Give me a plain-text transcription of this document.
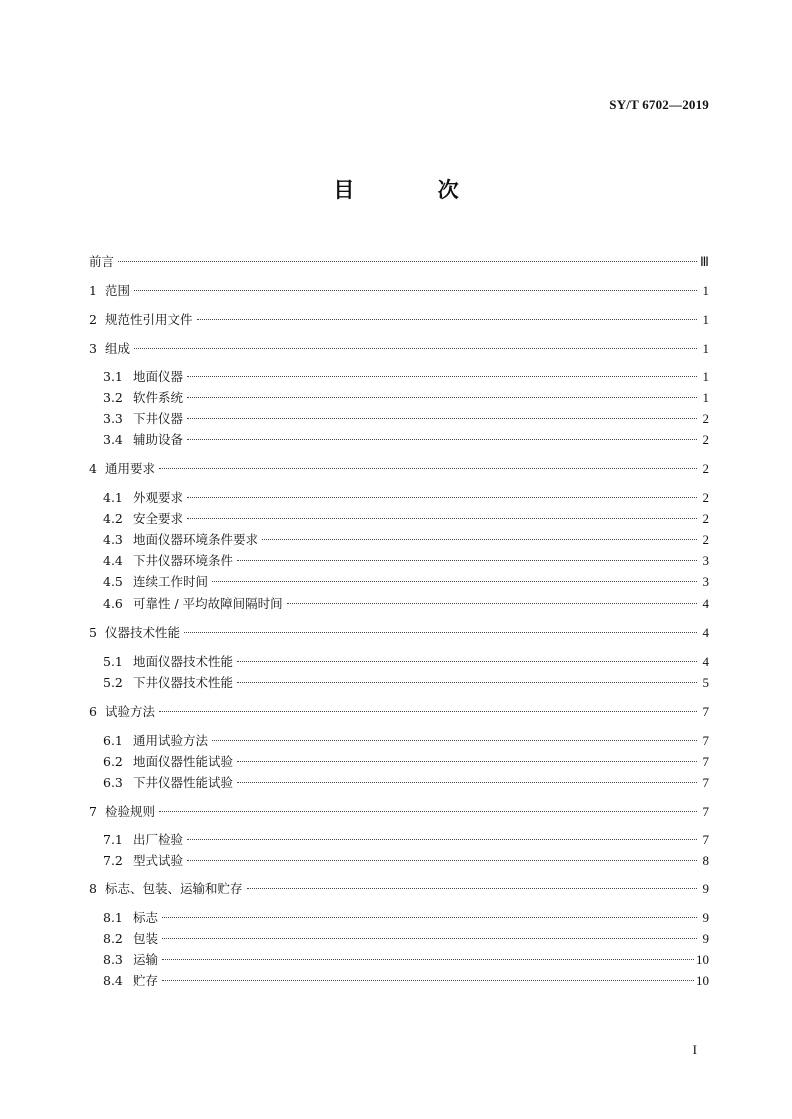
SY/T 6702—2019
目 次
前言	Ⅲ
1 范围	1
2 规范性引用文件	1
3 组成	1
3.1 地面仪器	1
3.2 软件系统	1
3.3 下井仪器	2
3.4 辅助设备	2
4 通用要求	2
4.1 外观要求	2
4.2 安全要求	2
4.3 地面仪器环境条件要求	2
4.4 下井仪器环境条件	3
4.5 连续工作时间	3
4.6 可靠性 / 平均故障间隔时间	4
5 仪器技术性能	4
5.1 地面仪器技术性能	4
5.2 下井仪器技术性能	5
6 试验方法	7
6.1 通用试验方法	7
6.2 地面仪器性能试验	7
6.3 下井仪器性能试验	7
7 检验规则	7
7.1 出厂检验	7
7.2 型式试验	8
8 标志、包装、运输和贮存	9
8.1 标志	9
8.2 包装	9
8.3 运输	10
8.4 贮存	10
I
